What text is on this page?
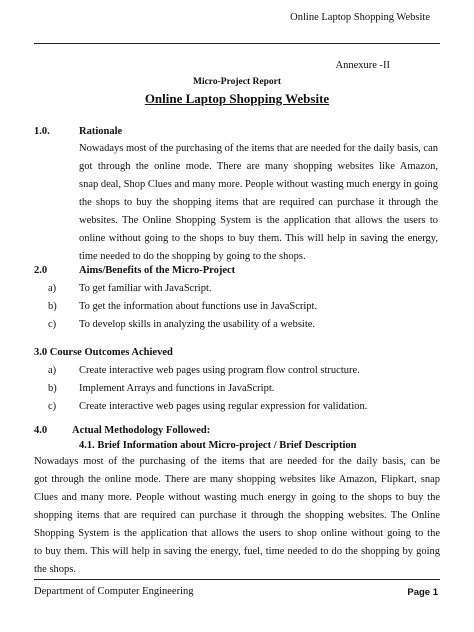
Online Laptop Shopping Website
Annexure -II
Micro-Project Report
Online Laptop Shopping Website
1.0.	Rationale
Nowadays most of the purchasing of the items that are needed for the daily basis, can
got through the online mode. There are many shopping websites like Amazon,
snap deal, Shop Clues and many more. People without wasting much energy in going
the shops to buy the shopping items that are required can purchase it through the
websites. The Online Shopping System is the application that allows the users to
online without going to the shops to buy them. This will help in saving the energy,
time needed to do the shopping by going to the shops.
2.0	Aims/Benefits of the Micro-Project
a) To get familiar with JavaScript.
b) To get the information about functions use in JavaScript.
c) To develop skills in analyzing the usability of a website.
3.0 Course Outcomes Achieved
a) Create interactive web pages using program flow control structure.
b) Implement Arrays and functions in JavaScript.
c) Create interactive web pages using regular expression for validation.
4.0 Actual Methodology Followed:
4.1. Brief Information about Micro-project / Brief Description
Nowadays most of the purchasing of the items that are needed for the daily basis, can be
got through the online mode. There are many shopping websites like Amazon, Flipkart, snap
Clues and many more. People without wasting much energy in going to the shops to buy the
shopping items that are required can purchase it through the shopping websites. The Online
Shopping System is the application that allows the users to shop online without going to the
to buy them. This will help in saving the energy, fuel, time needed to do the shopping by going
the shops.
Department of Computer Engineering	Page 1
